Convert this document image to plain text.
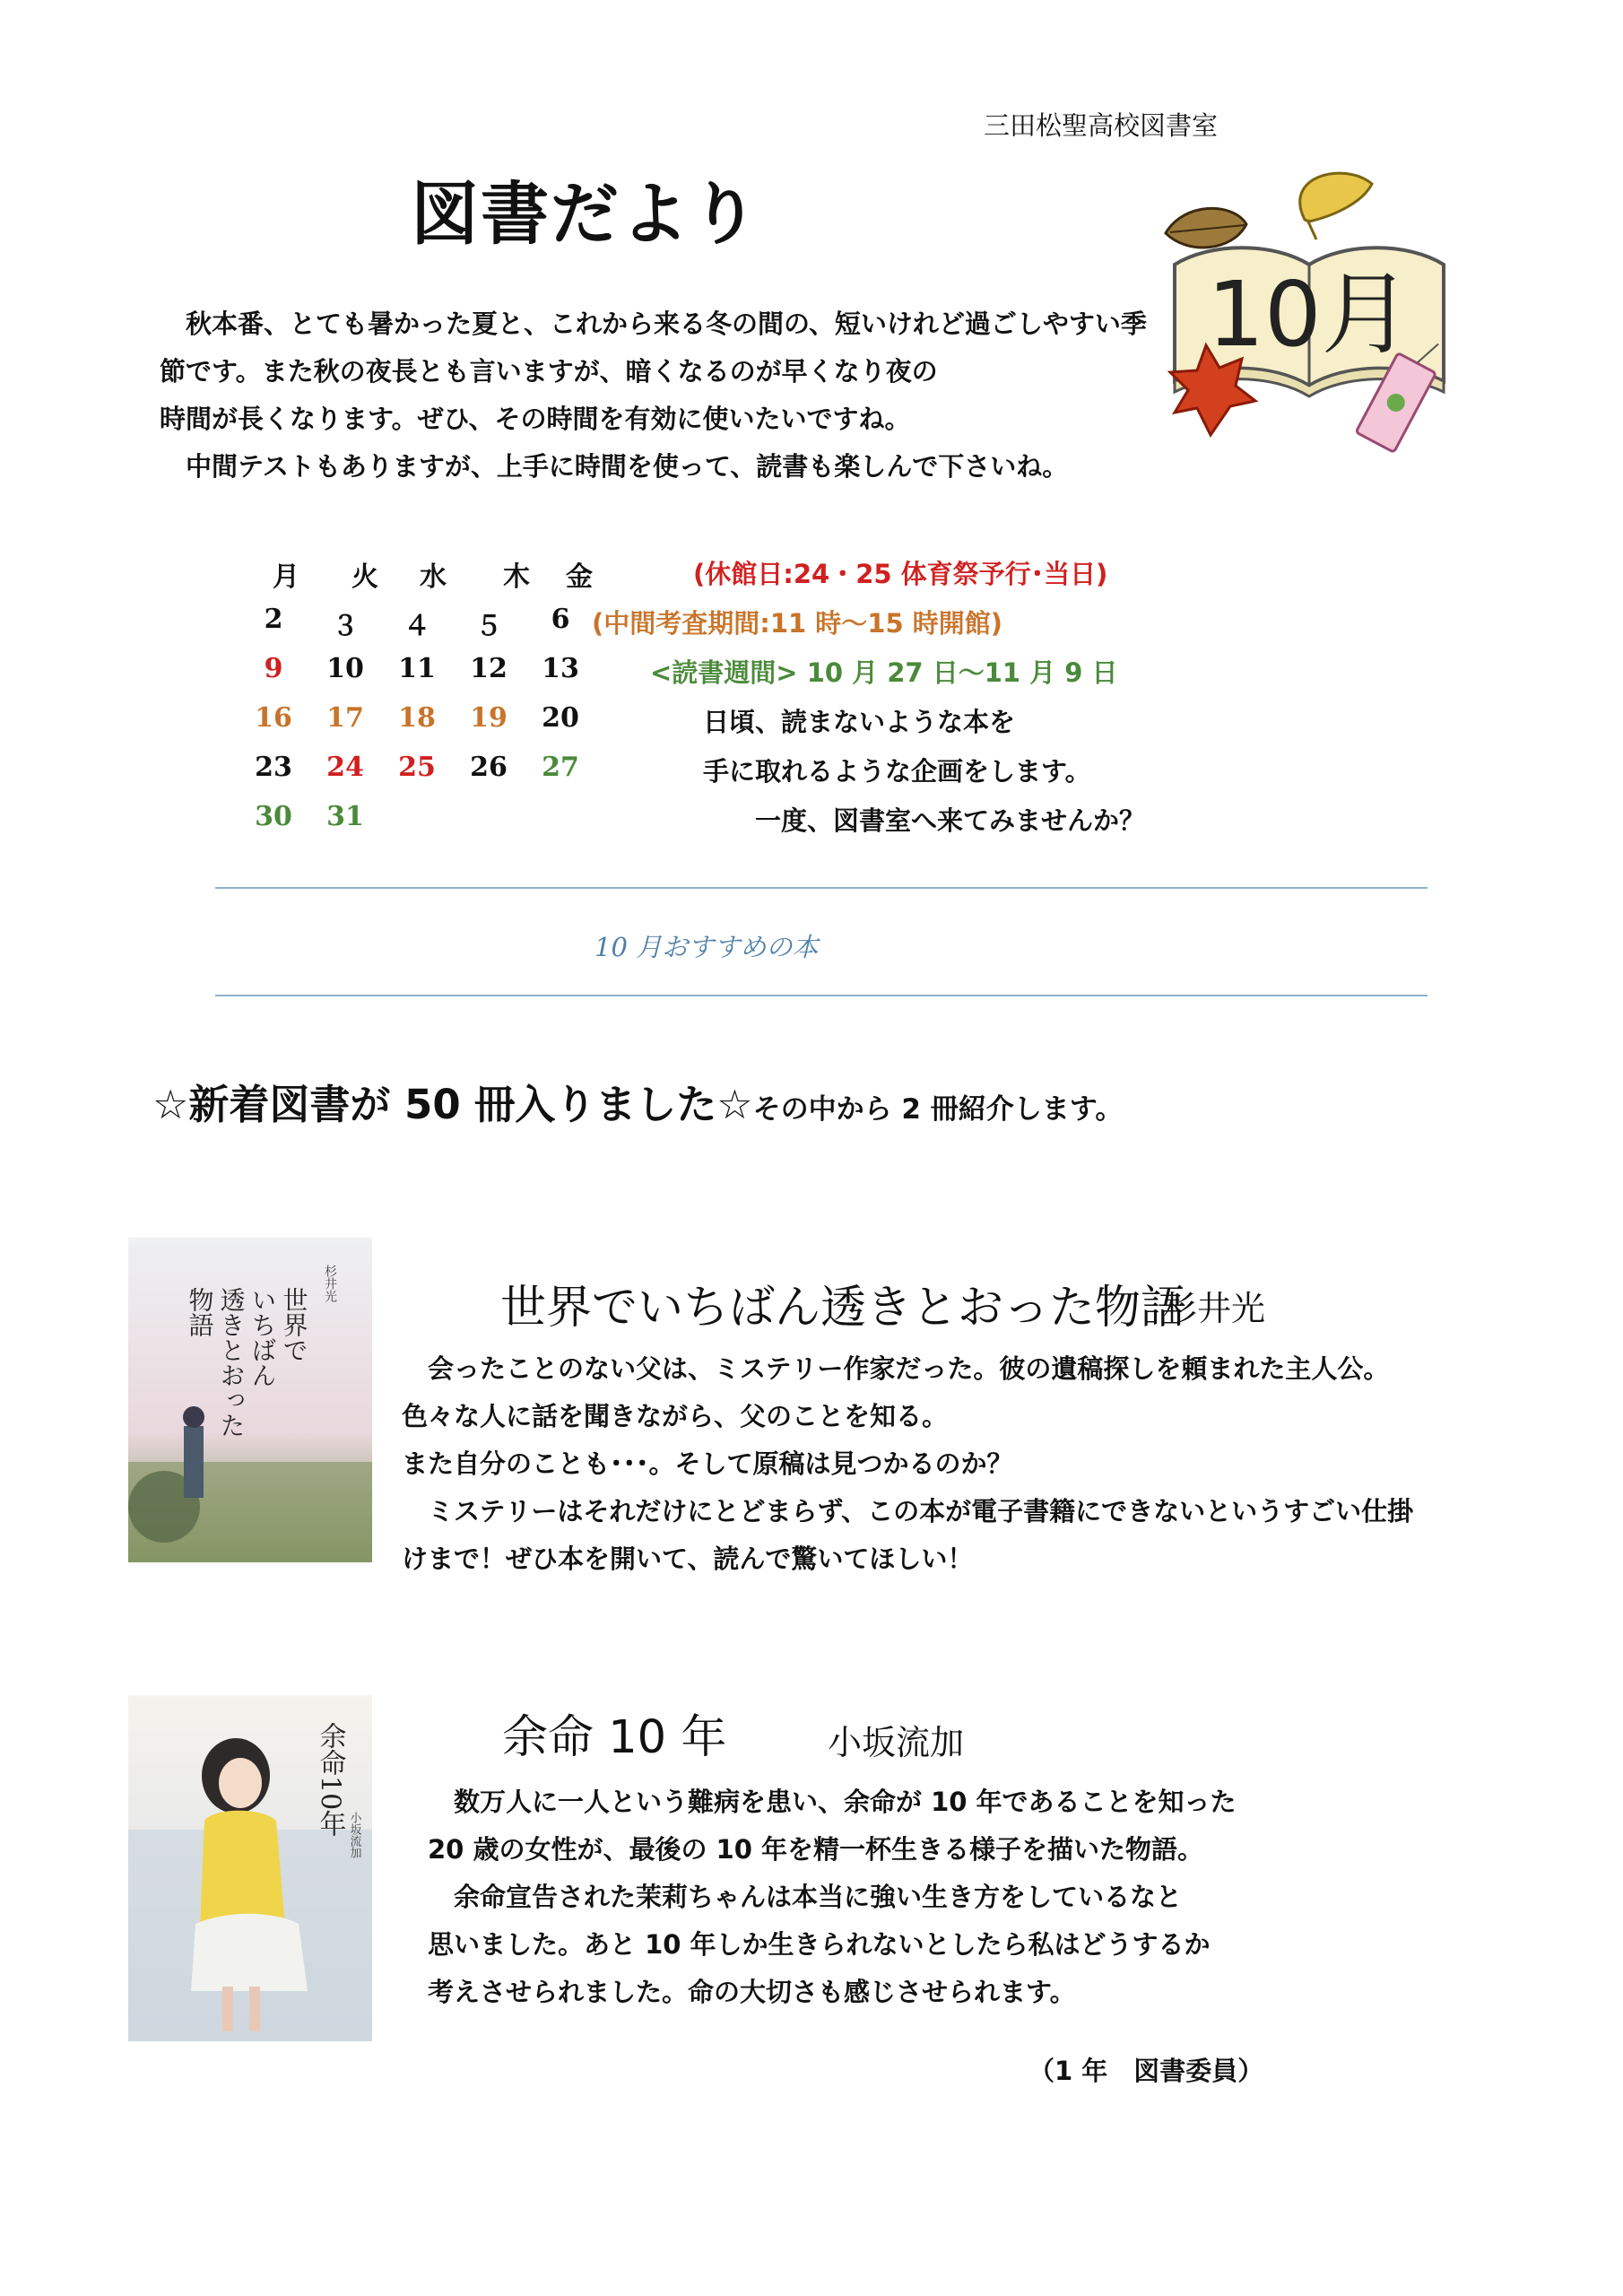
三田松聖高校図書室
図書だより
10月
　秋本番、とても暑かった夏と、これから来る冬の間の、短いけれど過ごしやすい季
節です。また秋の夜長とも言いますが、暗くなるのが早くなり夜の
時間が長くなります。ぜひ、その時間を有効に使いたいですね。
　中間テストもありますが、上手に時間を使って、読書も楽しんで下さいね。
月	火	水	木	金
2	３	４	５	6
9	10	11	12	13
16	17	18	19	20
23	24	25	26	27
30	31
(休館日:24・25 体育祭予行･当日)
(中間考査期間:11 時～15 時開館)
<読書週間> 10 月 27 日～11 月 9 日
日頃、読まないような本を
手に取れるような企画をします。
一度、図書室へ来てみませんか？
10 月おすすめの本
☆新着図書が 50 冊入りました☆その中から 2 冊紹介します。
世界で
いちばん
透きとおった
物語
杉井光	世界でいちばん透きとおった物語
杉井光
　会ったことのない父は、ミステリー作家だった。彼の遺稿探しを頼まれた主人公。
色々な人に話を聞きながら、父のことを知る。
また自分のことも･･･。そして原稿は見つかるのか？
　ミステリーはそれだけにとどまらず、この本が電子書籍にできないというすごい仕掛
けまで！ぜひ本を開いて、読んで驚いてほしい！
余命10年 小坂流加
余命 10 年	小坂流加
　数万人に一人という難病を患い、余命が 10 年であることを知った
20 歳の女性が、最後の 10 年を精一杯生きる様子を描いた物語。
　余命宣告された茉莉ちゃんは本当に強い生き方をしているなと
思いました。あと 10 年しか生きられないとしたら私はどうするか
考えさせられました。命の大切さも感じさせられます。
（1 年　図書委員）
